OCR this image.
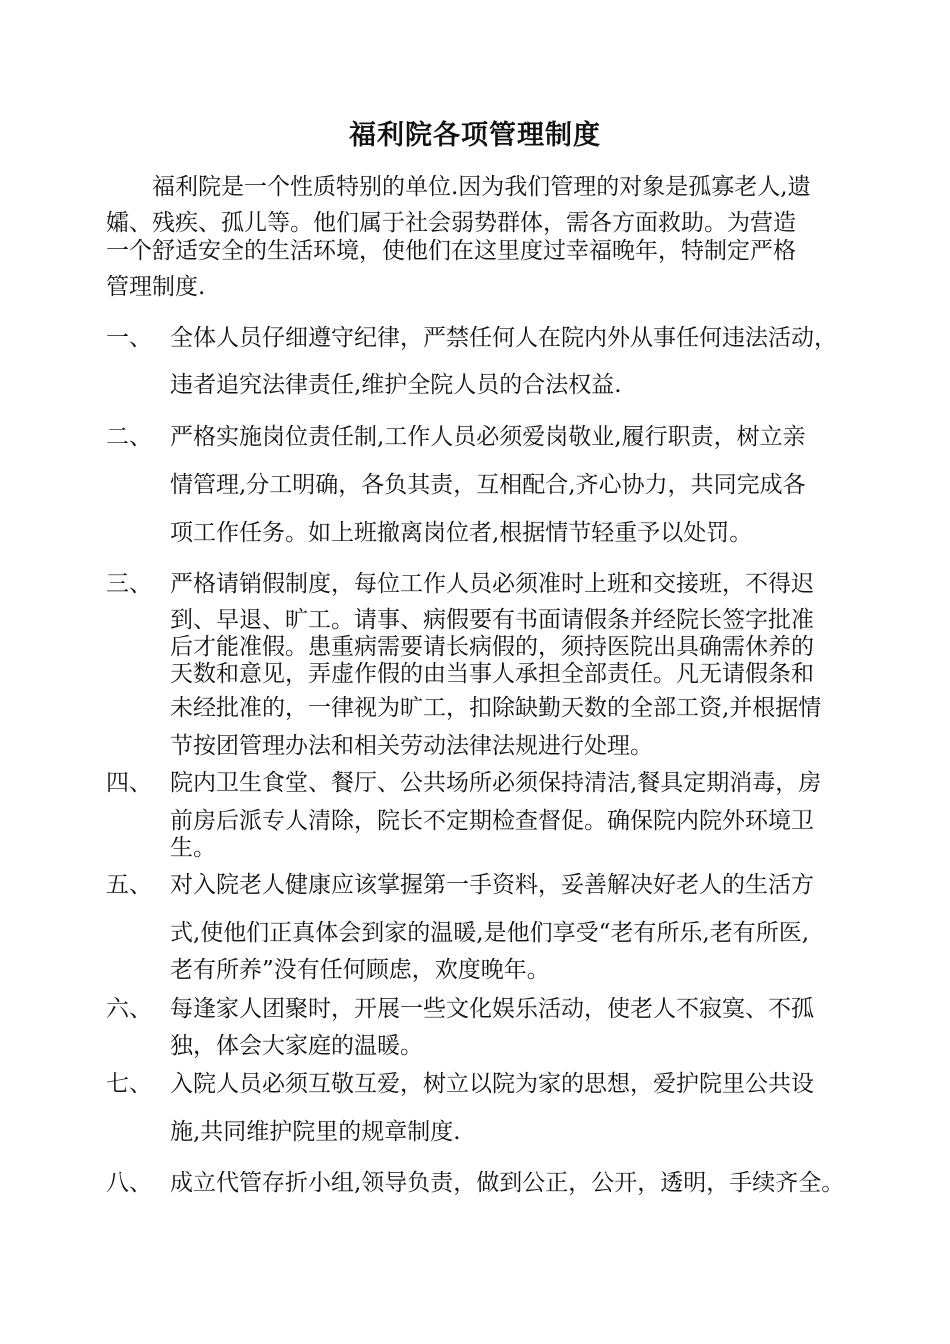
福利院各项管理制度
福利院是一个性质特别的单位.因为我们管理的对象是孤寡老人,遗
孀、残疾、孤儿等。他们属于社会弱势群体，需各方面救助。为营造
一个舒适安全的生活环境，使他们在这里度过幸福晚年，特制定严格
管理制度.
一、 全体人员仔细遵守纪律，严禁任何人在院内外从事任何违法活动，
违者追究法律责任,维护全院人员的合法权益.
二、 严格实施岗位责任制,工作人员必须爱岗敬业,履行职责，树立亲
情管理,分工明确，各负其责，互相配合,齐心协力，共同完成各
项工作任务。如上班撤离岗位者,根据情节轻重予以处罚。
三、 严格请销假制度，每位工作人员必须准时上班和交接班，不得迟
到、早退、旷工。请事、病假要有书面请假条并经院长签字批准
后才能准假。患重病需要请长病假的，须持医院出具确需休养的
天数和意见，弄虚作假的由当事人承担全部责任。凡无请假条和
未经批准的，一律视为旷工，扣除缺勤天数的全部工资,并根据情
节按团管理办法和相关劳动法律法规进行处理。
四、 院内卫生食堂、餐厅、公共场所必须保持清洁,餐具定期消毒，房
前房后派专人清除，院长不定期检查督促。确保院内院外环境卫
生。
五、 对入院老人健康应该掌握第一手资料，妥善解决好老人的生活方
式,使他们正真体会到家的温暖,是他们享受“老有所乐,老有所医,
老有所养”没有任何顾虑，欢度晚年。
六、 每逢家人团聚时，开展一些文化娱乐活动，使老人不寂寞、不孤
独，体会大家庭的温暖。
七、 入院人员必须互敬互爱，树立以院为家的思想，爱护院里公共设
施,共同维护院里的规章制度.
八、 成立代管存折小组,领导负责，做到公正，公开，透明，手续齐全。
